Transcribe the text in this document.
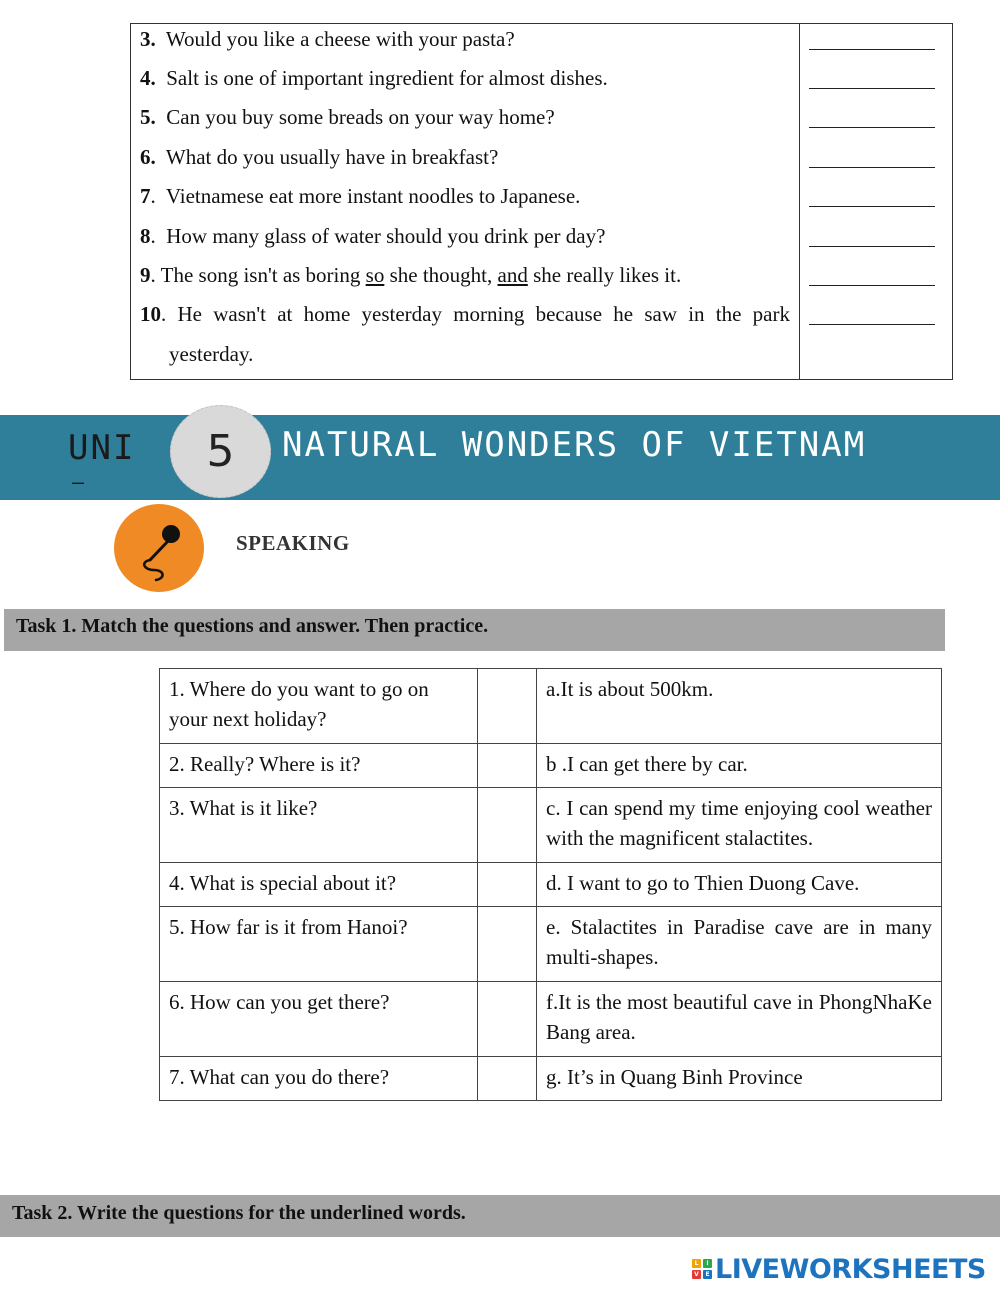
3. Would you like a cheese with your pasta?
4. Salt is one of important ingredient for almost dishes.
5. Can you buy some breads on your way home?
6. What do you usually have in breakfast?
7.  Vietnamese eat more instant noodles to Japanese.
8.  How many glass of water should you drink per day?
9. The song isn't as boring so she thought, and she really likes it.
10. He wasn't at home yesterday morning because he saw in the park
yesterday.
UNI
–
5 NATURAL WONDERS OF VIETNAM
SPEAKING
Task 1. Match the questions and answer. Then practice.
1. Where do you want to go on your next holiday?		a.It is about 500km.
2. Really? Where is it?		b .I can get there by car.
3. What is it like?		c. I can spend my time enjoying cool weather with the magnificent stalactites.
4. What is special about it?		d. I want to go to Thien Duong Cave.
5. How far is it from Hanoi?		e. Stalactites in Paradise cave are in many multi-shapes.
6. How can you get there?		f.It is the most beautiful cave in PhongNhaKe Bang area.
7. What can you do there?		g. It’s in Quang Binh Province
Task 2. Write the questions for the underlined words.
L	I
V	E LIVEWORKSHEETS
